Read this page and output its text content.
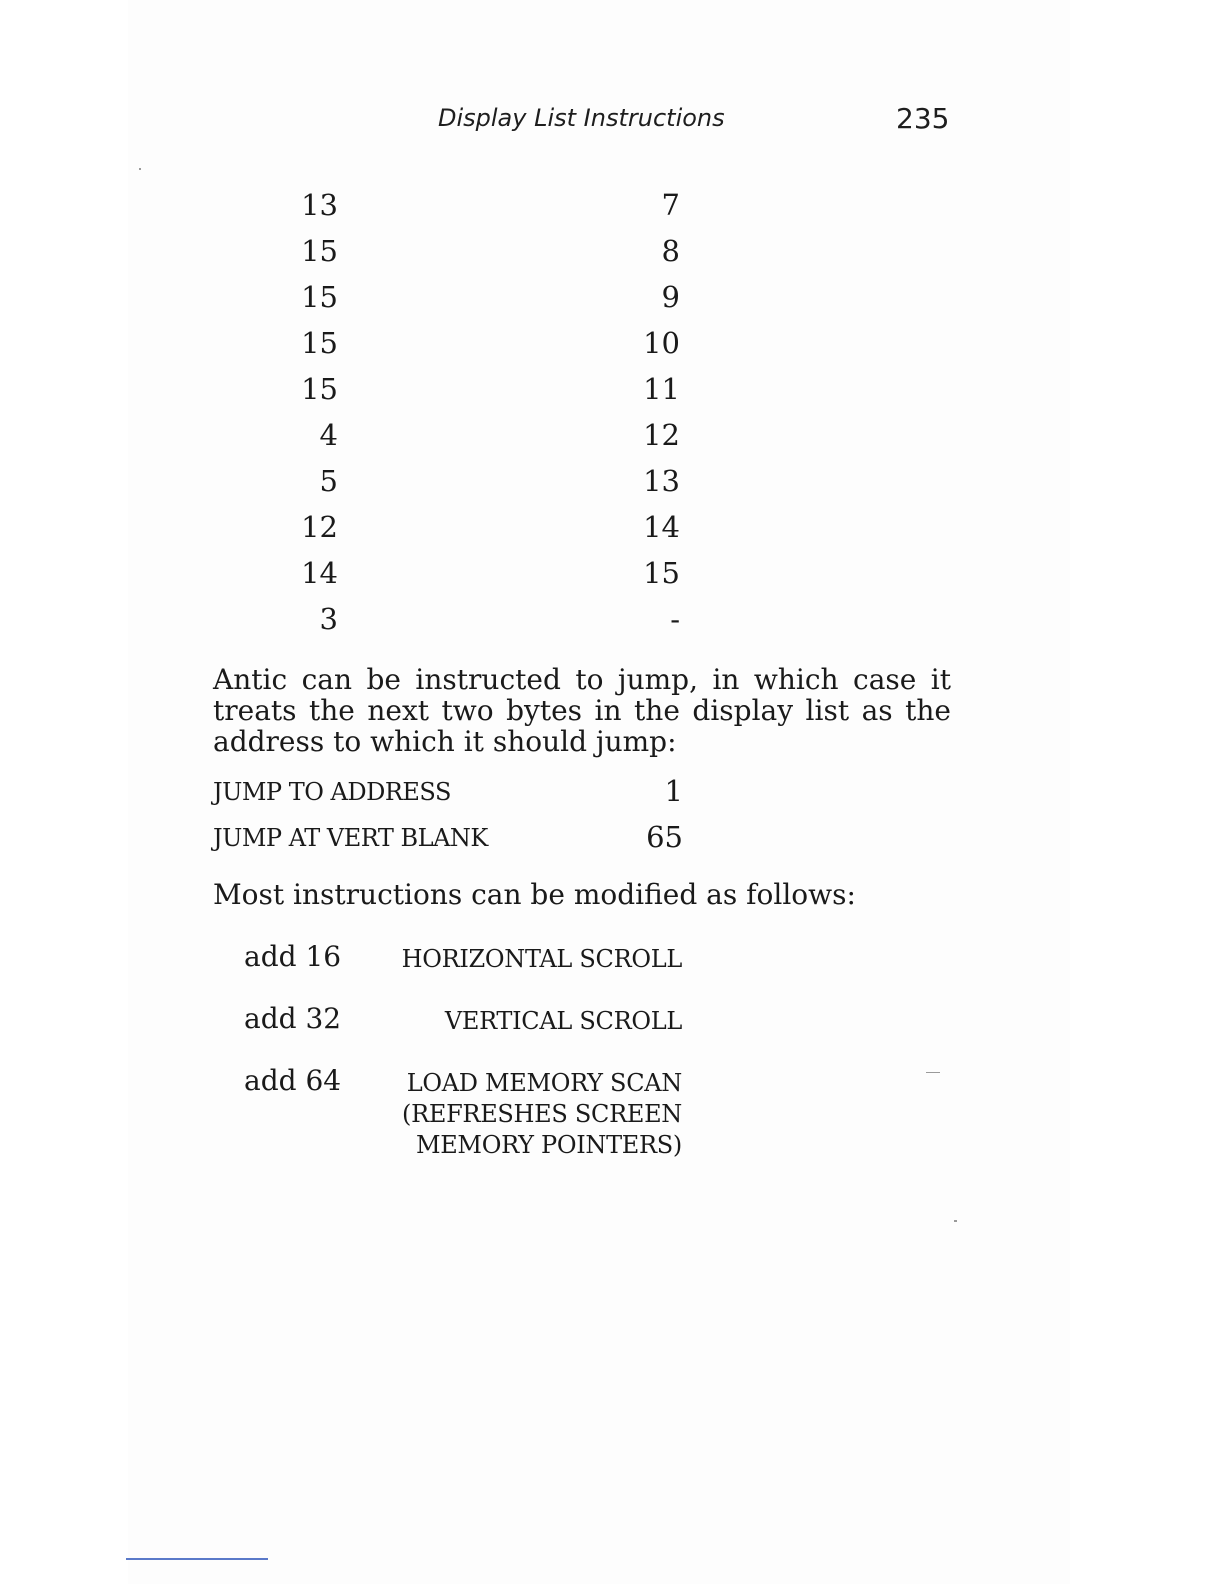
Display List Instructions	235
13	7
15	8
15	9
15	10
15	11
4	12
5	13
12	14
14	15
3	-
Antic can be instructed to jump, in which case it treats the next two bytes in the display list as the address to which it should jump:
JUMP TO ADDRESS	1
JUMP AT VERT BLANK	65
Most instructions can be modified as follows:
add 16	HORIZONTAL SCROLL
add 32	VERTICAL SCROLL
add 64	LOAD MEMORY SCAN
(REFRESHES SCREEN
MEMORY POINTERS)
